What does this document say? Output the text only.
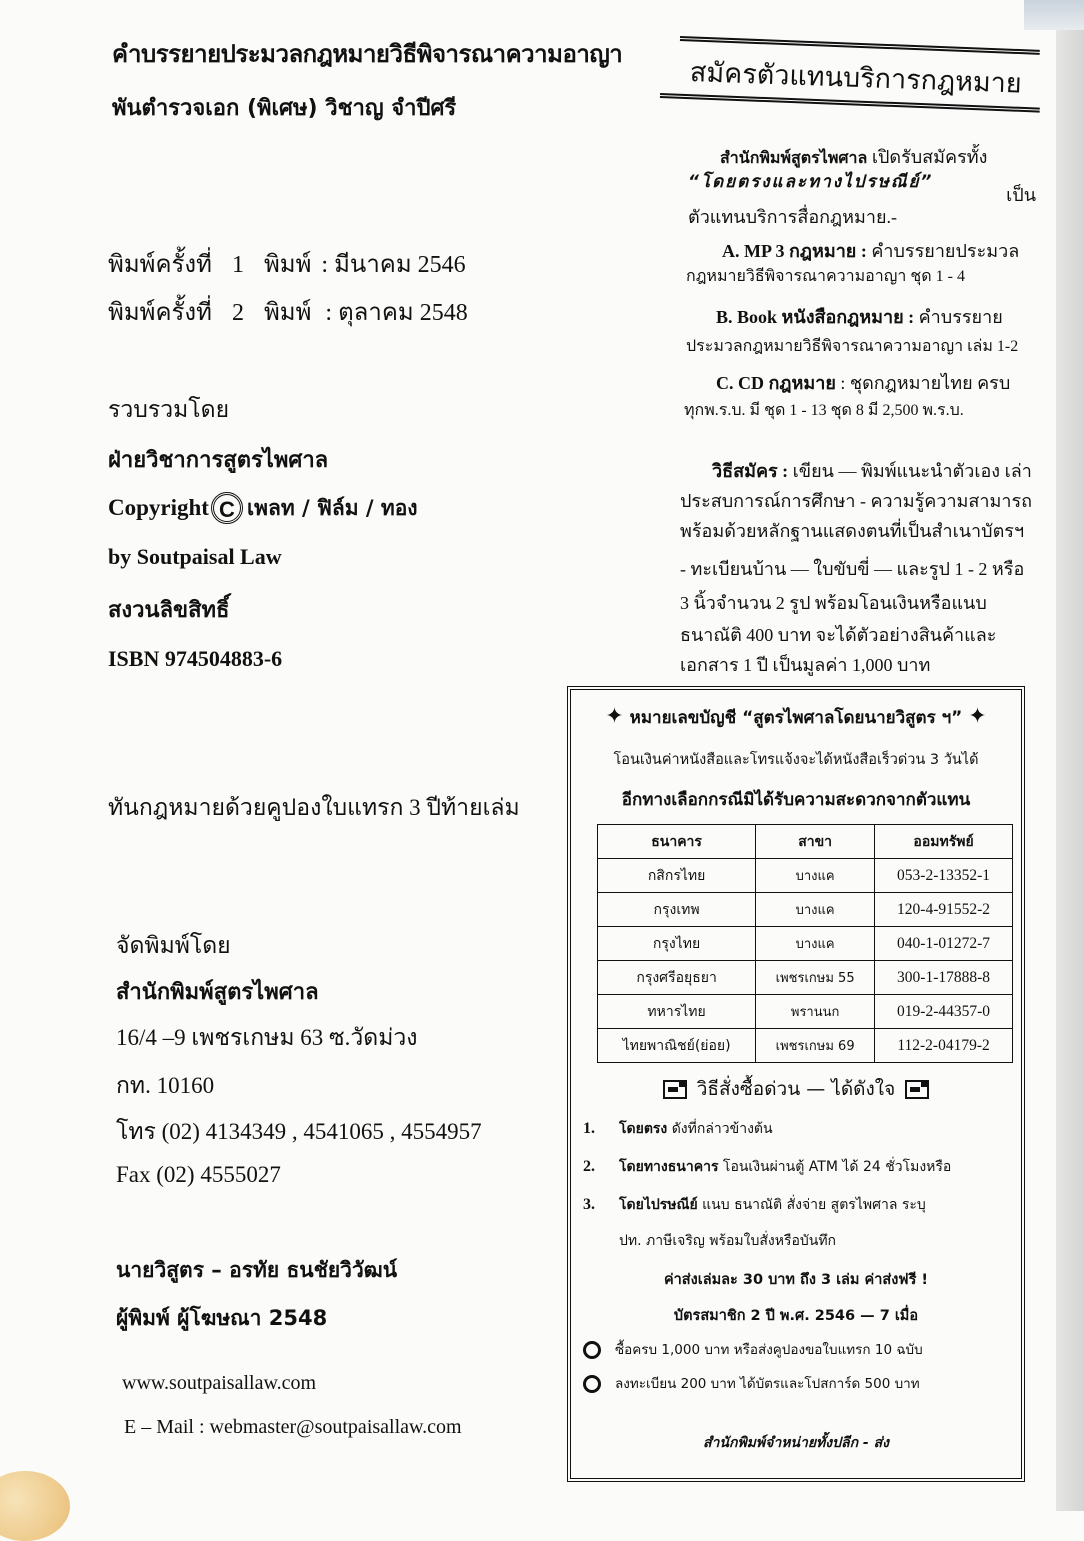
คำบรรยายประมวลกฎหมายวิธีพิจารณาความอาญา
พันตำรวจเอก (พิเศษ) วิชาญ จำปีศรี
พิมพ์ครั้งที่ 1 พิมพ์ : มีนาคม 2546
พิมพ์ครั้งที่ 2 พิมพ์ : ตุลาคม 2548
รวบรวมโดย
ฝ่ายวิชาการสูตรไพศาล
Copyright C เพลท / ฟิล์ม / ทอง
by Soutpaisal Law
สงวนลิขสิทธิ์
ISBN 974504883-6
ทันกฎหมายด้วยคูปองใบแทรก 3 ปีท้ายเล่ม
จัดพิมพ์โดย
สำนักพิมพ์สูตรไพศาล
16/4 –9 เพชรเกษม 63 ซ.วัดม่วง
กท. 10160
โทร (02) 4134349 , 4541065 , 4554957
Fax (02) 4555027
นายวิสูตร – อรทัย ธนชัยวิวัฒน์
ผู้พิมพ์ ผู้โฆษณา 2548
www.soutpaisallaw.com
E – Mail : webmaster@soutpaisallaw.com
สมัครตัวแทนบริการกฎหมาย
สำนักพิมพ์สูตรไพศาล เปิดรับสมัครทั้ง
“โดยตรงและทางไปรษณีย์”
เป็น
ตัวแทนบริการสื่อกฎหมาย.-
A. MP 3 กฎหมาย : คำบรรยายประมวล
กฎหมายวิธีพิจารณาความอาญา ชุด 1 - 4
B. Book หนังสือกฎหมาย : คำบรรยาย
ประมวลกฎหมายวิธีพิจารณาความอาญา เล่ม 1-2
C. CD กฎหมาย : ชุดกฎหมายไทย ครบ
ทุกพ.ร.บ. มี ชุด 1 - 13 ชุด 8 มี 2,500 พ.ร.บ.
วิธีสมัคร : เขียน — พิมพ์แนะนำตัวเอง เล่า
ประสบการณ์การศึกษา - ความรู้ความสามารถ
พร้อมด้วยหลักฐานแสดงตนที่เป็นสำเนาบัตรฯ
- ทะเบียนบ้าน — ใบขับขี่ — และรูป 1 - 2 หรือ
3 นิ้วจำนวน 2 รูป พร้อมโอนเงินหรือแนบ
ธนาณัติ 400 บาท จะได้ตัวอย่างสินค้าและ
เอกสาร 1 ปี เป็นมูลค่า 1,000 บาท
✦ หมายเลขบัญชี “สูตรไพศาลโดยนายวิสูตร ฯ” ✦
โอนเงินค่าหนังสือและโทรแจ้งจะได้หนังสือเร็วด่วน 3 วันได้
อีกทางเลือกกรณีมิได้รับความสะดวกจากตัวแทน
ธนาคาร	สาขา	ออมทรัพย์
กสิกรไทย	บางแค	053-2-13352-1
กรุงเทพ	บางแค	120-4-91552-2
กรุงไทย	บางแค	040-1-01272-7
กรุงศรีอยุธยา	เพชรเกษม 55	300-1-17888-8
ทหารไทย	พรานนก	019-2-44357-0
ไทยพาณิชย์(ย่อย)	เพชรเกษม 69	112-2-04179-2
วิธีสั่งซื้อด่วน — ได้ดังใจ
1. โดยตรง ดังที่กล่าวข้างต้น
2. โดยทางธนาคาร โอนเงินผ่านตู้ ATM ได้ 24 ชั่วโมงหรือ
3. โดยไปรษณีย์ แนบ ธนาณัติ สั่งจ่าย สูตรไพศาล ระบุ
ปท. ภาษีเจริญ พร้อมใบสั่งหรือบันทึก
ค่าส่งเล่มละ 30 บาท ถึง 3 เล่ม ค่าส่งฟรี !
บัตรสมาชิก 2 ปี พ.ศ. 2546 — 7 เมื่อ
ซื้อครบ 1,000 บาท หรือส่งคูปองขอใบแทรก 10 ฉบับ
ลงทะเบียน 200 บาท ได้บัตรและโปสการ์ด 500 บาท
สำนักพิมพ์จำหน่ายทั้งปลีก - ส่ง
